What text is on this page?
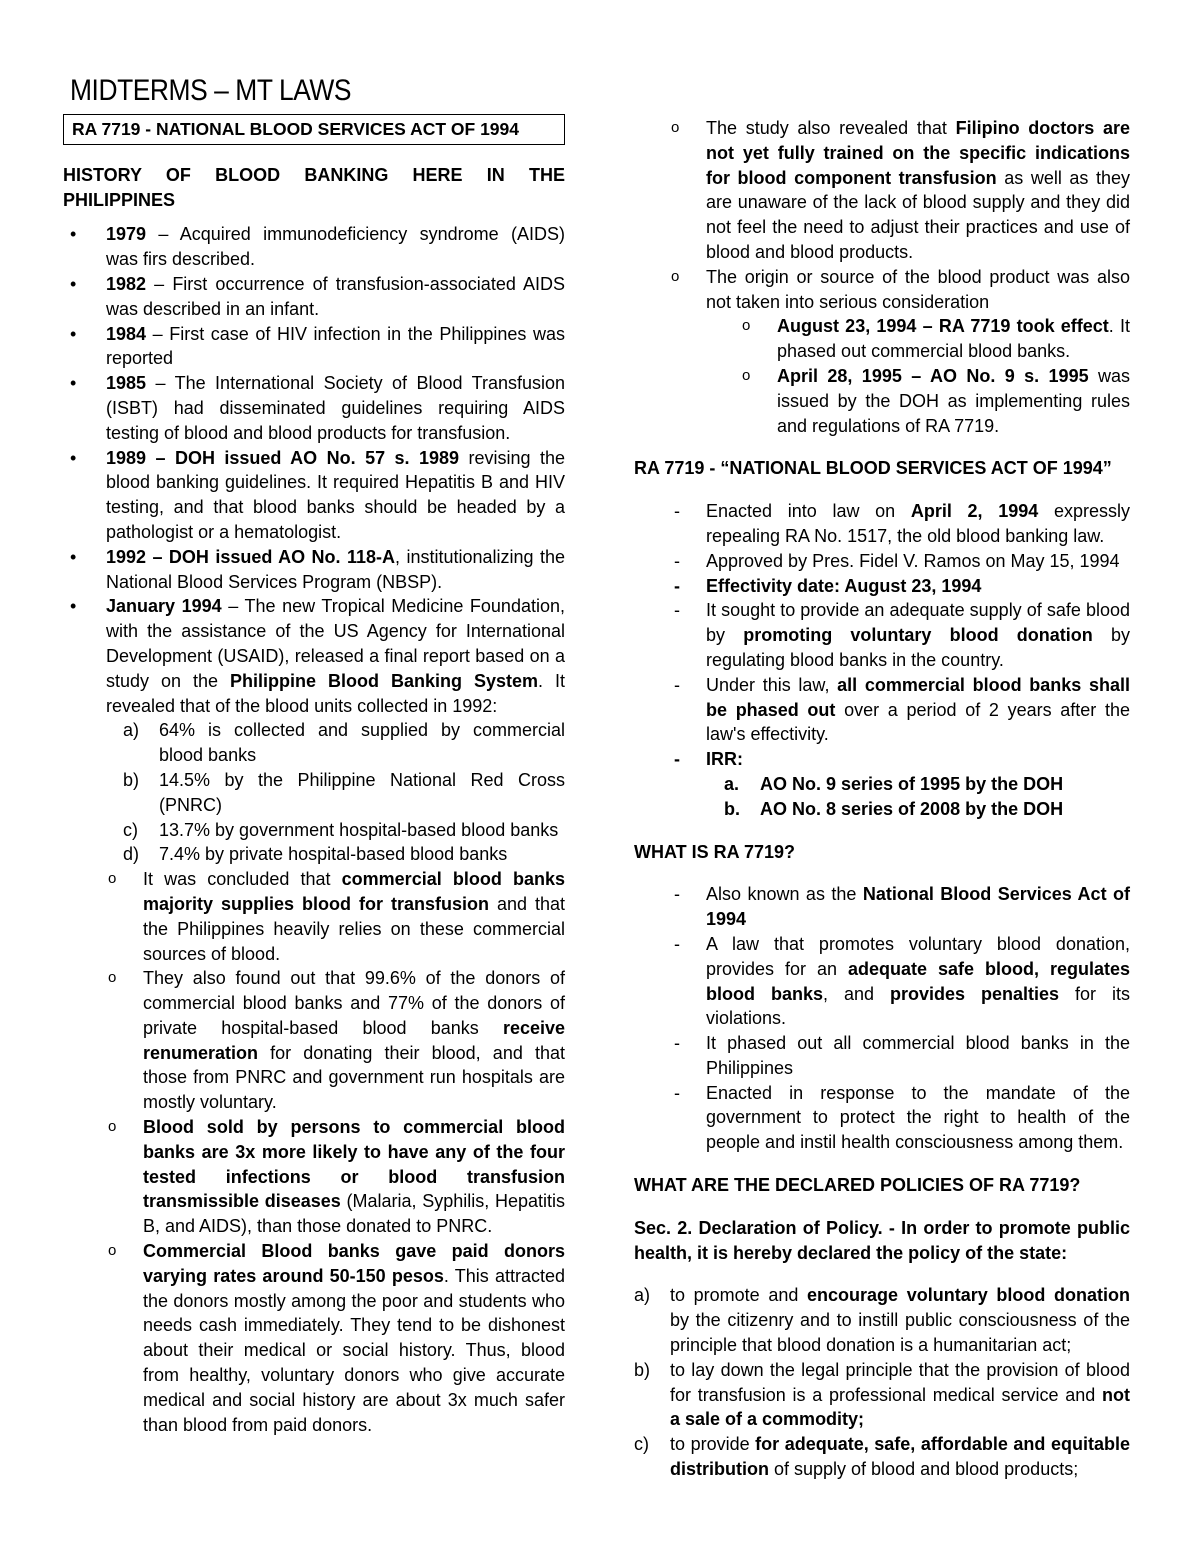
MIDTERMS – MT LAWS
RA 7719 - NATIONAL BLOOD SERVICES ACT OF 1994

HISTORY OF BLOOD BANKING HERE IN THE

PHILIPPINES

• 1979 – Acquired immunodeficiency syndrome (AIDS) was firs described.
• 1982 – First occurrence of transfusion-associated AIDS was described in an infant.
• 1984 – First case of HIV infection in the Philippines was reported
• 1985 – The International Society of Blood Transfusion (ISBT) had disseminated guidelines requiring AIDS testing of blood and blood products for transfusion.
• 1989 – DOH issued AO No. 57 s. 1989 revising the blood banking guidelines. It required Hepatitis B and HIV testing, and that blood banks should be headed by a pathologist or a hematologist.
• 1992 – DOH issued AO No. 118-A, institutionalizing the National Blood Services Program (NBSP).
• January 1994 – The new Tropical Medicine Foundation, with the assistance of the US Agency for International Development (USAID), released a final report based on a study on the Philippine Blood Banking System. It revealed that of the blood units collected in 1992:
a) 64% is collected and supplied by commercial blood banks
b) 14.5% by the Philippine National Red Cross (PNRC)
c) 13.7% by government hospital-based blood banks
d) 7.4% by private hospital-based blood banks
o It was concluded that commercial blood banks majority supplies blood for transfusion and that the Philippines heavily relies on these commercial sources of blood.
o They also found out that 99.6% of the donors of commercial blood banks and 77% of the donors of private hospital-based blood banks receive renumeration for donating their blood, and that those from PNRC and government run hospitals are mostly voluntary.
o Blood sold by persons to commercial blood banks are 3x more likely to have any of the four tested infections or blood transfusion transmissible diseases (Malaria, Syphilis, Hepatitis B, and AIDS), than those donated to PNRC.
o Commercial Blood banks gave paid donors varying rates around 50-150 pesos. This attracted the donors mostly among the poor and students who needs cash immediately. They tend to be dishonest about their medical or social history. Thus, blood from healthy, voluntary donors who give accurate medical and social history are about 3x much safer than blood from paid donors.
o The study also revealed that Filipino doctors are not yet fully trained on the specific indications for blood component transfusion as well as they are unaware of the lack of blood supply and they did not feel the need to adjust their practices and use of blood and blood products.
o The origin or source of the blood product was also not taken into serious consideration
o August 23, 1994 – RA 7719 took effect. It phased out commercial blood banks.
o April 28, 1995 – AO No. 9 s. 1995 was issued by the DOH as implementing rules and regulations of RA 7719.

RA 7719 - “NATIONAL BLOOD SERVICES ACT OF 1994”

- Enacted into law on April 2, 1994 expressly repealing RA No. 1517, the old blood banking law.
- Approved by Pres. Fidel V. Ramos on May 15, 1994
- Effectivity date: August 23, 1994
- It sought to provide an adequate supply of safe blood by promoting voluntary blood donation by regulating blood banks in the country.
- Under this law, all commercial blood banks shall be phased out over a period of 2 years after the law's effectivity.
- IRR:
a. AO No. 9 series of 1995 by the DOH
b. AO No. 8 series of 2008 by the DOH

WHAT IS RA 7719?

- Also known as the National Blood Services Act of 1994
- A law that promotes voluntary blood donation, provides for an adequate safe blood, regulates blood banks, and provides penalties for its violations.
- It phased out all commercial blood banks in the Philippines
- Enacted in response to the mandate of the government to protect the right to health of the people and instil health consciousness among them.

WHAT ARE THE DECLARED POLICIES OF RA 7719?

Sec. 2. Declaration of Policy. - In order to promote public health, it is hereby declared the policy of the state:

a) to promote and encourage voluntary blood donation by the citizenry and to instill public consciousness of the principle that blood donation is a humanitarian act;
b) to lay down the legal principle that the provision of blood for transfusion is a professional medical service and not a sale of a commodity;
c) to provide for adequate, safe, affordable and equitable distribution of supply of blood and blood products;
